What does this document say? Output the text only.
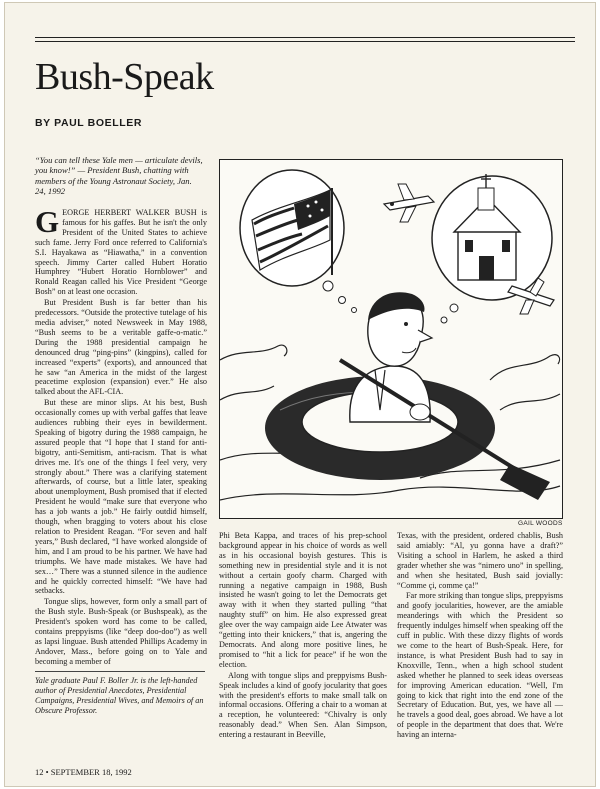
Bush-Speak
BY PAUL BOELLER
“You can tell these Yale men — articulate devils, you know!” — President Bush, chatting with members of the Young Astronaut Society, Jan. 24, 1992

GEORGE HERBERT WALKER BUSH is famous for his gaffes. But he isn't the only President of the United States to achieve such fame. Jerry Ford once referred to California's S.I. Hayakawa as “Hiawatha,” in a convention speech. Jimmy Carter called Hubert Horatio Humphrey “Hubert Horatio Hornblower” and Ronald Reagan called his Vice President “George Bosh” on at least one occasion.

But President Bush is far better than his predecessors. “Outside the protective tutelage of his media adviser,” noted Newsweek in May 1988, “Bush seems to be a veritable gaffe-o-matic.” During the 1988 presidential campaign he denounced drug “ping-pins” (kingpins), called for increased “experts” (exports), and announced that he saw “an America in the midst of the largest peacetime explosion (expansion) ever.” He also talked about the AFL-CIA.

But these are minor slips. At his best, Bush occasionally comes up with verbal gaffes that leave audiences rubbing their eyes in bewilderment. Speaking of bigotry during the 1988 campaign, he assured people that “I hope that I stand for anti-bigotry, anti-Semitism, anti-racism. That is what drives me. It's one of the things I feel very, very strongly about.” There was a clarifying statement afterwards, of course, but a little later, speaking about unemployment, Bush promised that if elected President he would “make sure that everyone who has a job wants a job.” He fairly outdid himself, though, when bragging to voters about his close relation to President Reagan. “For seven and half years,” Bush declared, “I have worked alongside of him, and I am proud to be his partner. We have had triumphs. We have made mistakes. We have had sex…” There was a stunned silence in the audience and he quickly corrected himself: “We have had setbacks.

Tongue slips, however, form only a small part of the Bush style. Bush-Speak (or Bushspeak), as the President's spoken word has come to be called, contains preppyisms (like “deep doo-doo”) as well as lapsi linguae. Bush attended Phillips Academy in Andover, Mass., before going on to Yale and becoming a member of

Yale graduate Paul F. Boller Jr. is the left-handed author of Presidential Anecdotes, Presidential Campaigns, Presidential Wives, and Memoirs of an Obscure Professor.
GAIL WOODS

Phi Beta Kappa, and traces of his prep-school background appear in his choice of words as well as in his occasional boyish gestures. This is something new in presidential style and it is not without a certain goofy charm. Charged with running a negative campaign in 1988, Bush insisted he wasn't going to let the Democrats get away with it when they started pulling “that naughty stuff” on him. He also expressed great glee over the way campaign aide Lee Atwater was “getting into their knickers,” that is, angering the Democrats. And along more positive lines, he promised to “hit a lick for peace” if he won the election.

Along with tongue slips and preppyisms Bush-Speak includes a kind of goofy jocularity that goes with the president's efforts to make small talk on informal occasions. Offering a chair to a woman at a reception, he volunteered: “Chivalry is only reasonably dead.” When Sen. Alan Simpson, entering a restaurant in Beeville,

Texas, with the president, ordered chablis, Bush said amiably: “Al, yu gonna have a draft?” Visiting a school in Harlem, he asked a third grader whether she was “nimero uno” in spelling, and when she hesitated, Bush said jovially: “Comme çi, comme ça!”

Far more striking than tongue slips, preppyisms and goofy jocularities, however, are the amiable meanderings with which the President so frequently indulges himself when speaking off the cuff in public. With these dizzy flights of words we come to the heart of Bush-Speak. Here, for instance, is what President Bush had to say in Knoxville, Tenn., when a high school student asked whether he planned to seek ideas overseas for improving American education. “Well, I'm going to kick that right into the end zone of the Secretary of Education. But, yes, we have all — he travels a good deal, goes abroad. We have a lot of people in the department that does that. We're having an interna-

12 • SEPTEMBER 18, 1992
